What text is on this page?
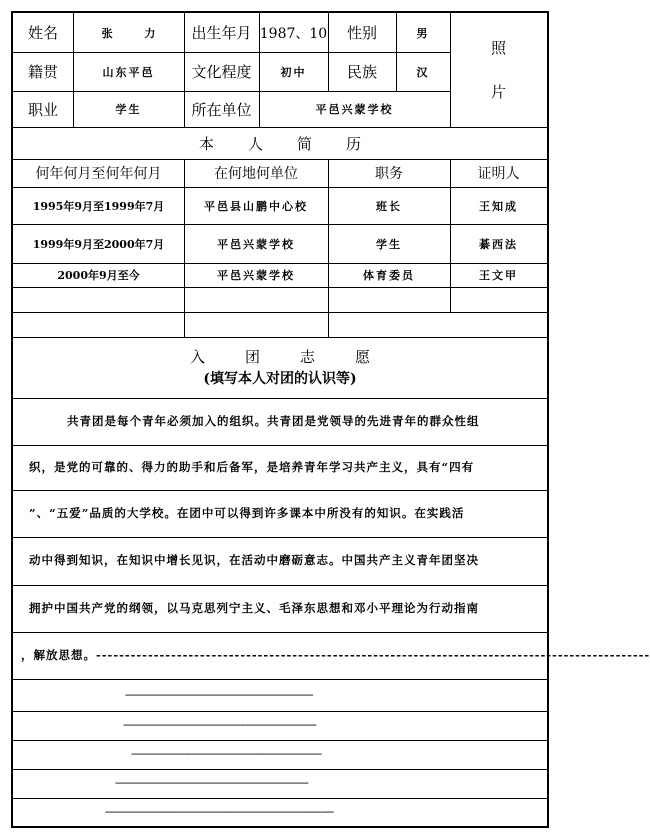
姓名	张 力	出生年月 1987、10	性别	男
照
片
籍贯	山东平邑	文化程度	初中	民族	汉
职业	学生	所在单位	平邑兴蒙学校
本人简历
何年何月至何年何月	在何地何单位	职务	证明人
1995年9月至1999年7月	平邑县山鹏中心校	班长	王知成
1999年9月至2000年7月	平邑兴蒙学校	学生	綦西法
2000年9月至今	平邑兴蒙学校	体育委员	王文甲
入团志愿
(填写本人对团的认识等)
共青团是每个青年必须加入的组织。共青团是党领导的先进青年的群众性组
织，是党的可靠的、得力的助手和后备军，是培养青年学习共产主义，具有“四有
”、“五爱”品质的大学校。在团中可以得到许多课本中所没有的知识。在实践活
动中得到知识，在知识中增长见识，在活动中磨砺意志。中国共产主义青年团坚决
拥护中国共产党的纲领，以马克思列宁主义、毛泽东思想和邓小平理论为行动指南
，解放思想。------------------------------------------------------------------------------------------------
---------------------------------------------------------------------
-----------------------------------------------------------------------
----------------------------------------------------------------------
-----------------------------------------------------------------------
------------------------------------------------------------------------------------
